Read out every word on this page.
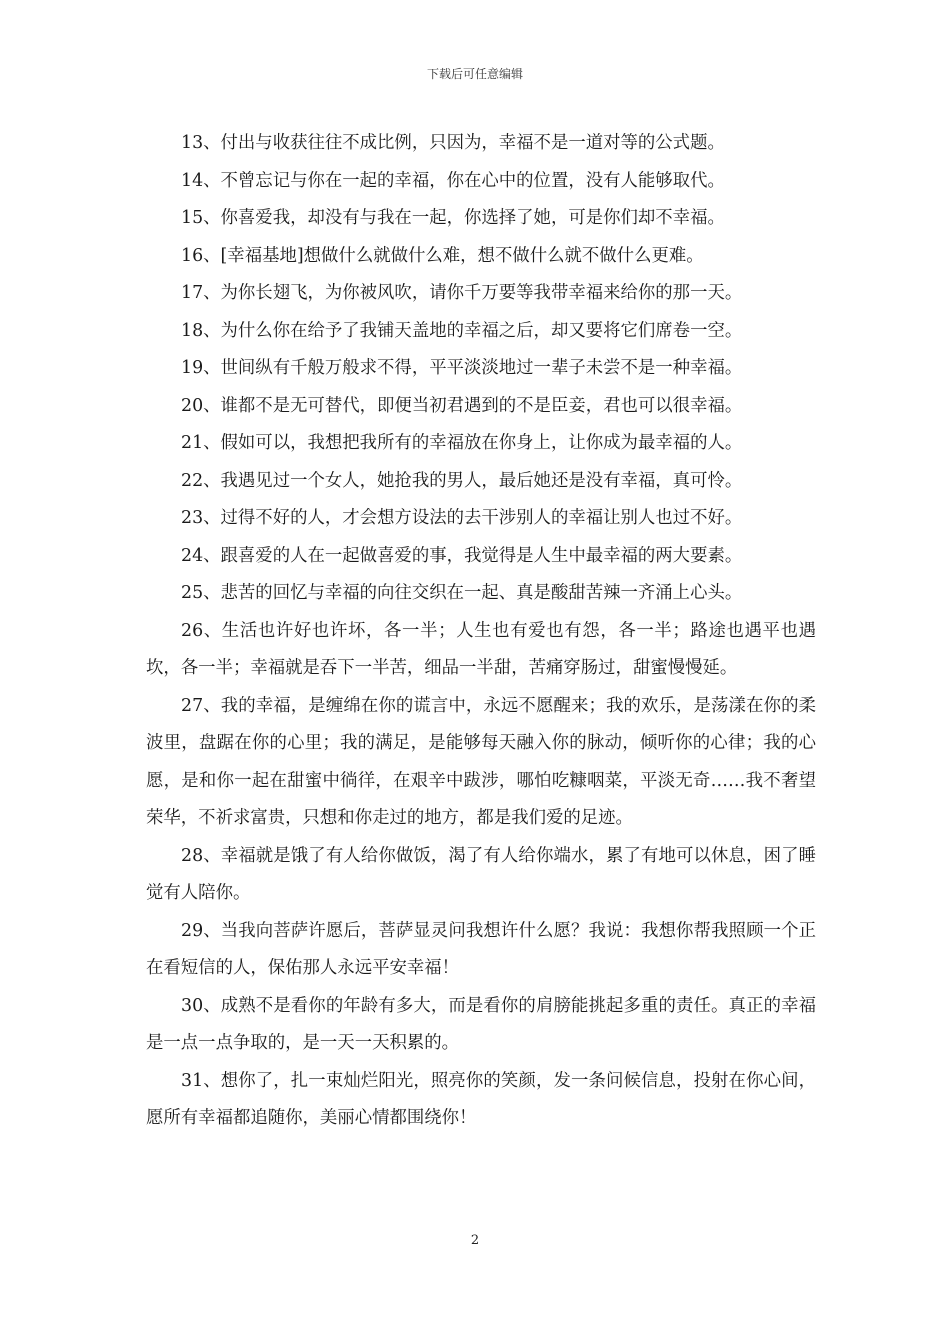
下载后可任意编辑

13、付出与收获往往不成比例，只因为，幸福不是一道对等的公式题。

14、不曾忘记与你在一起的幸福，你在心中的位置，没有人能够取代。

15、你喜爱我，却没有与我在一起，你选择了她，可是你们却不幸福。

16、[幸福基地]想做什么就做什么难，想不做什么就不做什么更难。

17、为你长翅飞，为你被风吹，请你千万要等我带幸福来给你的那一天。

18、为什么你在给予了我铺天盖地的幸福之后，却又要将它们席卷一空。

19、世间纵有千般万般求不得，平平淡淡地过一辈子未尝不是一种幸福。

20、谁都不是无可替代，即便当初君遇到的不是臣妾，君也可以很幸福。

21、假如可以，我想把我所有的幸福放在你身上，让你成为最幸福的人。

22、我遇见过一个女人，她抢我的男人，最后她还是没有幸福，真可怜。

23、过得不好的人，才会想方设法的去干涉别人的幸福让别人也过不好。

24、跟喜爱的人在一起做喜爱的事，我觉得是人生中最幸福的两大要素。

25、悲苦的回忆与幸福的向往交织在一起、真是酸甜苦辣一齐涌上心头。

26、生活也许好也许坏，各一半；人生也有爱也有怨，各一半；路途也遇平也遇坎，各一半；幸福就是吞下一半苦，细品一半甜，苦痛穿肠过，甜蜜慢慢延。

27、我的幸福，是缠绵在你的谎言中，永远不愿醒来；我的欢乐，是荡漾在你的柔波里，盘踞在你的心里；我的满足，是能够每天融入你的脉动，倾听你的心律；我的心愿，是和你一起在甜蜜中徜徉，在艰辛中跋涉，哪怕吃糠咽菜，平淡无奇……我不奢望荣华，不祈求富贵，只想和你走过的地方，都是我们爱的足迹。

28、幸福就是饿了有人给你做饭，渴了有人给你端水，累了有地可以休息，困了睡觉有人陪你。

29、当我向菩萨许愿后，菩萨显灵问我想许什么愿？我说：我想你帮我照顾一个正在看短信的人，保佑那人永远平安幸福！

30、成熟不是看你的年龄有多大，而是看你的肩膀能挑起多重的责任。真正的幸福是一点一点争取的，是一天一天积累的。

31、想你了，扎一束灿烂阳光，照亮你的笑颜，发一条问候信息，投射在你心间，愿所有幸福都追随你，美丽心情都围绕你！

2
